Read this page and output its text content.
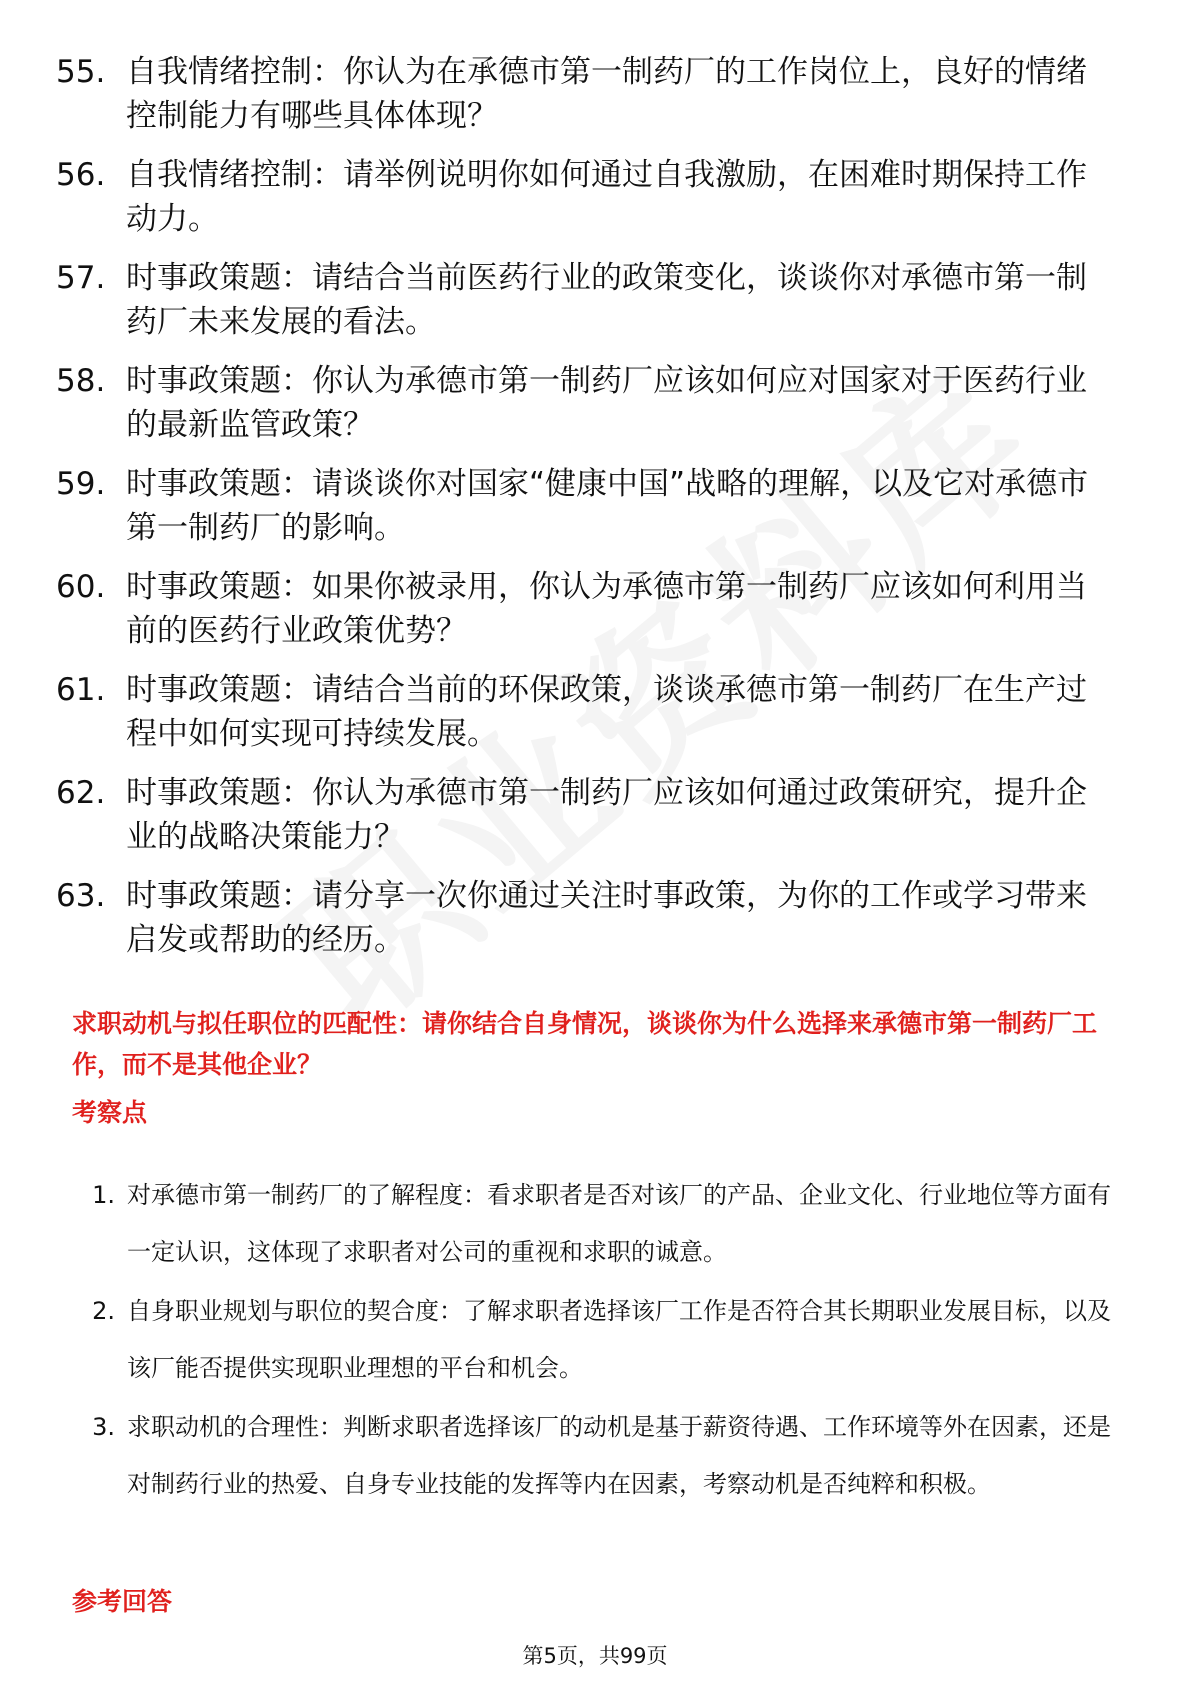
55. 自我情绪控制：你认为在承德市第一制药厂的工作岗位上，良好的情绪控制能力有哪些具体体现？
56. 自我情绪控制：请举例说明你如何通过自我激励，在困难时期保持工作动力。
57. 时事政策题：请结合当前医药行业的政策变化，谈谈你对承德市第一制药厂未来发展的看法。
58. 时事政策题：你认为承德市第一制药厂应该如何应对国家对于医药行业的最新监管政策？
59. 时事政策题：请谈谈你对国家“健康中国”战略的理解，以及它对承德市第一制药厂的影响。
60. 时事政策题：如果你被录用，你认为承德市第一制药厂应该如何利用当前的医药行业政策优势？
61. 时事政策题：请结合当前的环保政策，谈谈承德市第一制药厂在生产过程中如何实现可持续发展。
62. 时事政策题：你认为承德市第一制药厂应该如何通过政策研究，提升企业的战略决策能力？
63. 时事政策题：请分享一次你通过关注时事政策，为你的工作或学习带来启发或帮助的经历。
求职动机与拟任职位的匹配性：请你结合自身情况，谈谈你为什么选择来承德市第一制药厂工作，而不是其他企业？
考察点
1. 对承德市第一制药厂的了解程度：看求职者是否对该厂的产品、企业文化、行业地位等方面有一定认识，这体现了求职者对公司的重视和求职的诚意。
2. 自身职业规划与职位的契合度：了解求职者选择该厂工作是否符合其长期职业发展目标，以及该厂能否提供实现职业理想的平台和机会。
3. 求职动机的合理性：判断求职者选择该厂的动机是基于薪资待遇、工作环境等外在因素，还是对制药行业的热爱、自身专业技能的发挥等内在因素，考察动机是否纯粹和积极。
参考回答
第5页，共99页
